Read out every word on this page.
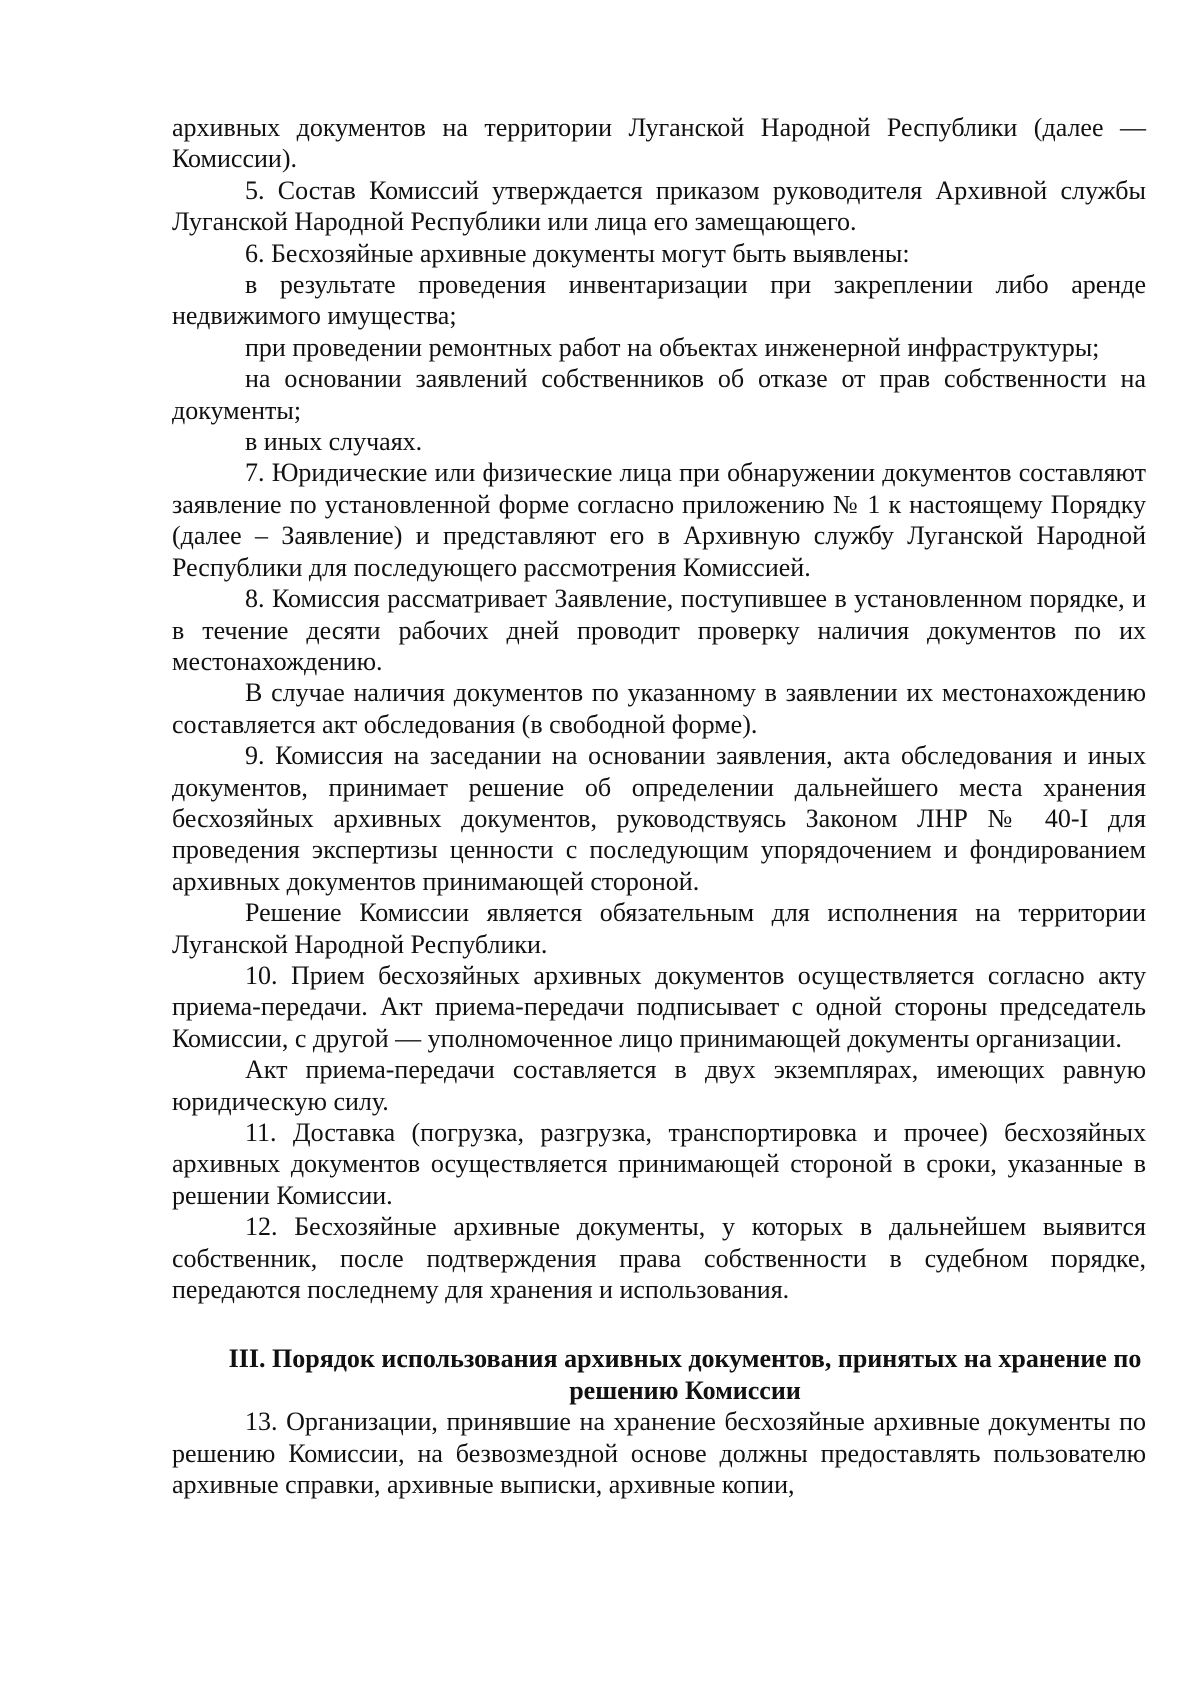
архивных документов на территории Луганской Народной Республики (далее — Комиссии).

5. Состав Комиссий утверждается приказом руководителя Архивной службы Луганской Народной Республики или лица его замещающего.

6. Бесхозяйные архивные документы могут быть выявлены:

в результате проведения инвентаризации при закреплении либо аренде недвижимого имущества;

при проведении ремонтных работ на объектах инженерной инфраструктуры;

на основании заявлений собственников об отказе от прав собственности на документы;

в иных случаях.

7. Юридические или физические лица при обнаружении документов составляют заявление по установленной форме согласно приложению № 1 к настоящему Порядку (далее – Заявление) и представляют его в Архивную службу Луганской Народной Республики для последующего рассмотрения Комиссией.

8. Комиссия рассматривает Заявление, поступившее в установленном порядке, и в течение десяти рабочих дней проводит проверку наличия документов по их местонахождению.

В случае наличия документов по указанному в заявлении их местонахождению составляется акт обследования (в свободной форме).

9. Комиссия на заседании на основании заявления, акта обследования и иных документов, принимает решение об определении дальнейшего места хранения бесхозяйных архивных документов, руководствуясь Законом ЛНР № 40-I для проведения экспертизы ценности с последующим упорядочением и фондированием архивных документов принимающей стороной.

Решение Комиссии является обязательным для исполнения на территории Луганской Народной Республики.

10. Прием бесхозяйных архивных документов осуществляется согласно акту приема-передачи. Акт приема-передачи подписывает с одной стороны председатель Комиссии, с другой — уполномоченное лицо принимающей документы организации.

Акт приема-передачи составляется в двух экземплярах, имеющих равную юридическую силу.

11. Доставка (погрузка, разгрузка, транспортировка и прочее) бесхозяйных архивных документов осуществляется принимающей стороной в сроки, указанные в решении Комиссии.

12. Бесхозяйные архивные документы, у которых в дальнейшем выявится собственник, после подтверждения права собственности в судебном порядке, передаются последнему для хранения и использования.

III. Порядок использования архивных документов, принятых на хранение по решению Комиссии

13. Организации, принявшие на хранение бесхозяйные архивные документы по решению Комиссии, на безвозмездной основе должны предоставлять пользователю архивные справки, архивные выписки, архивные копии,
